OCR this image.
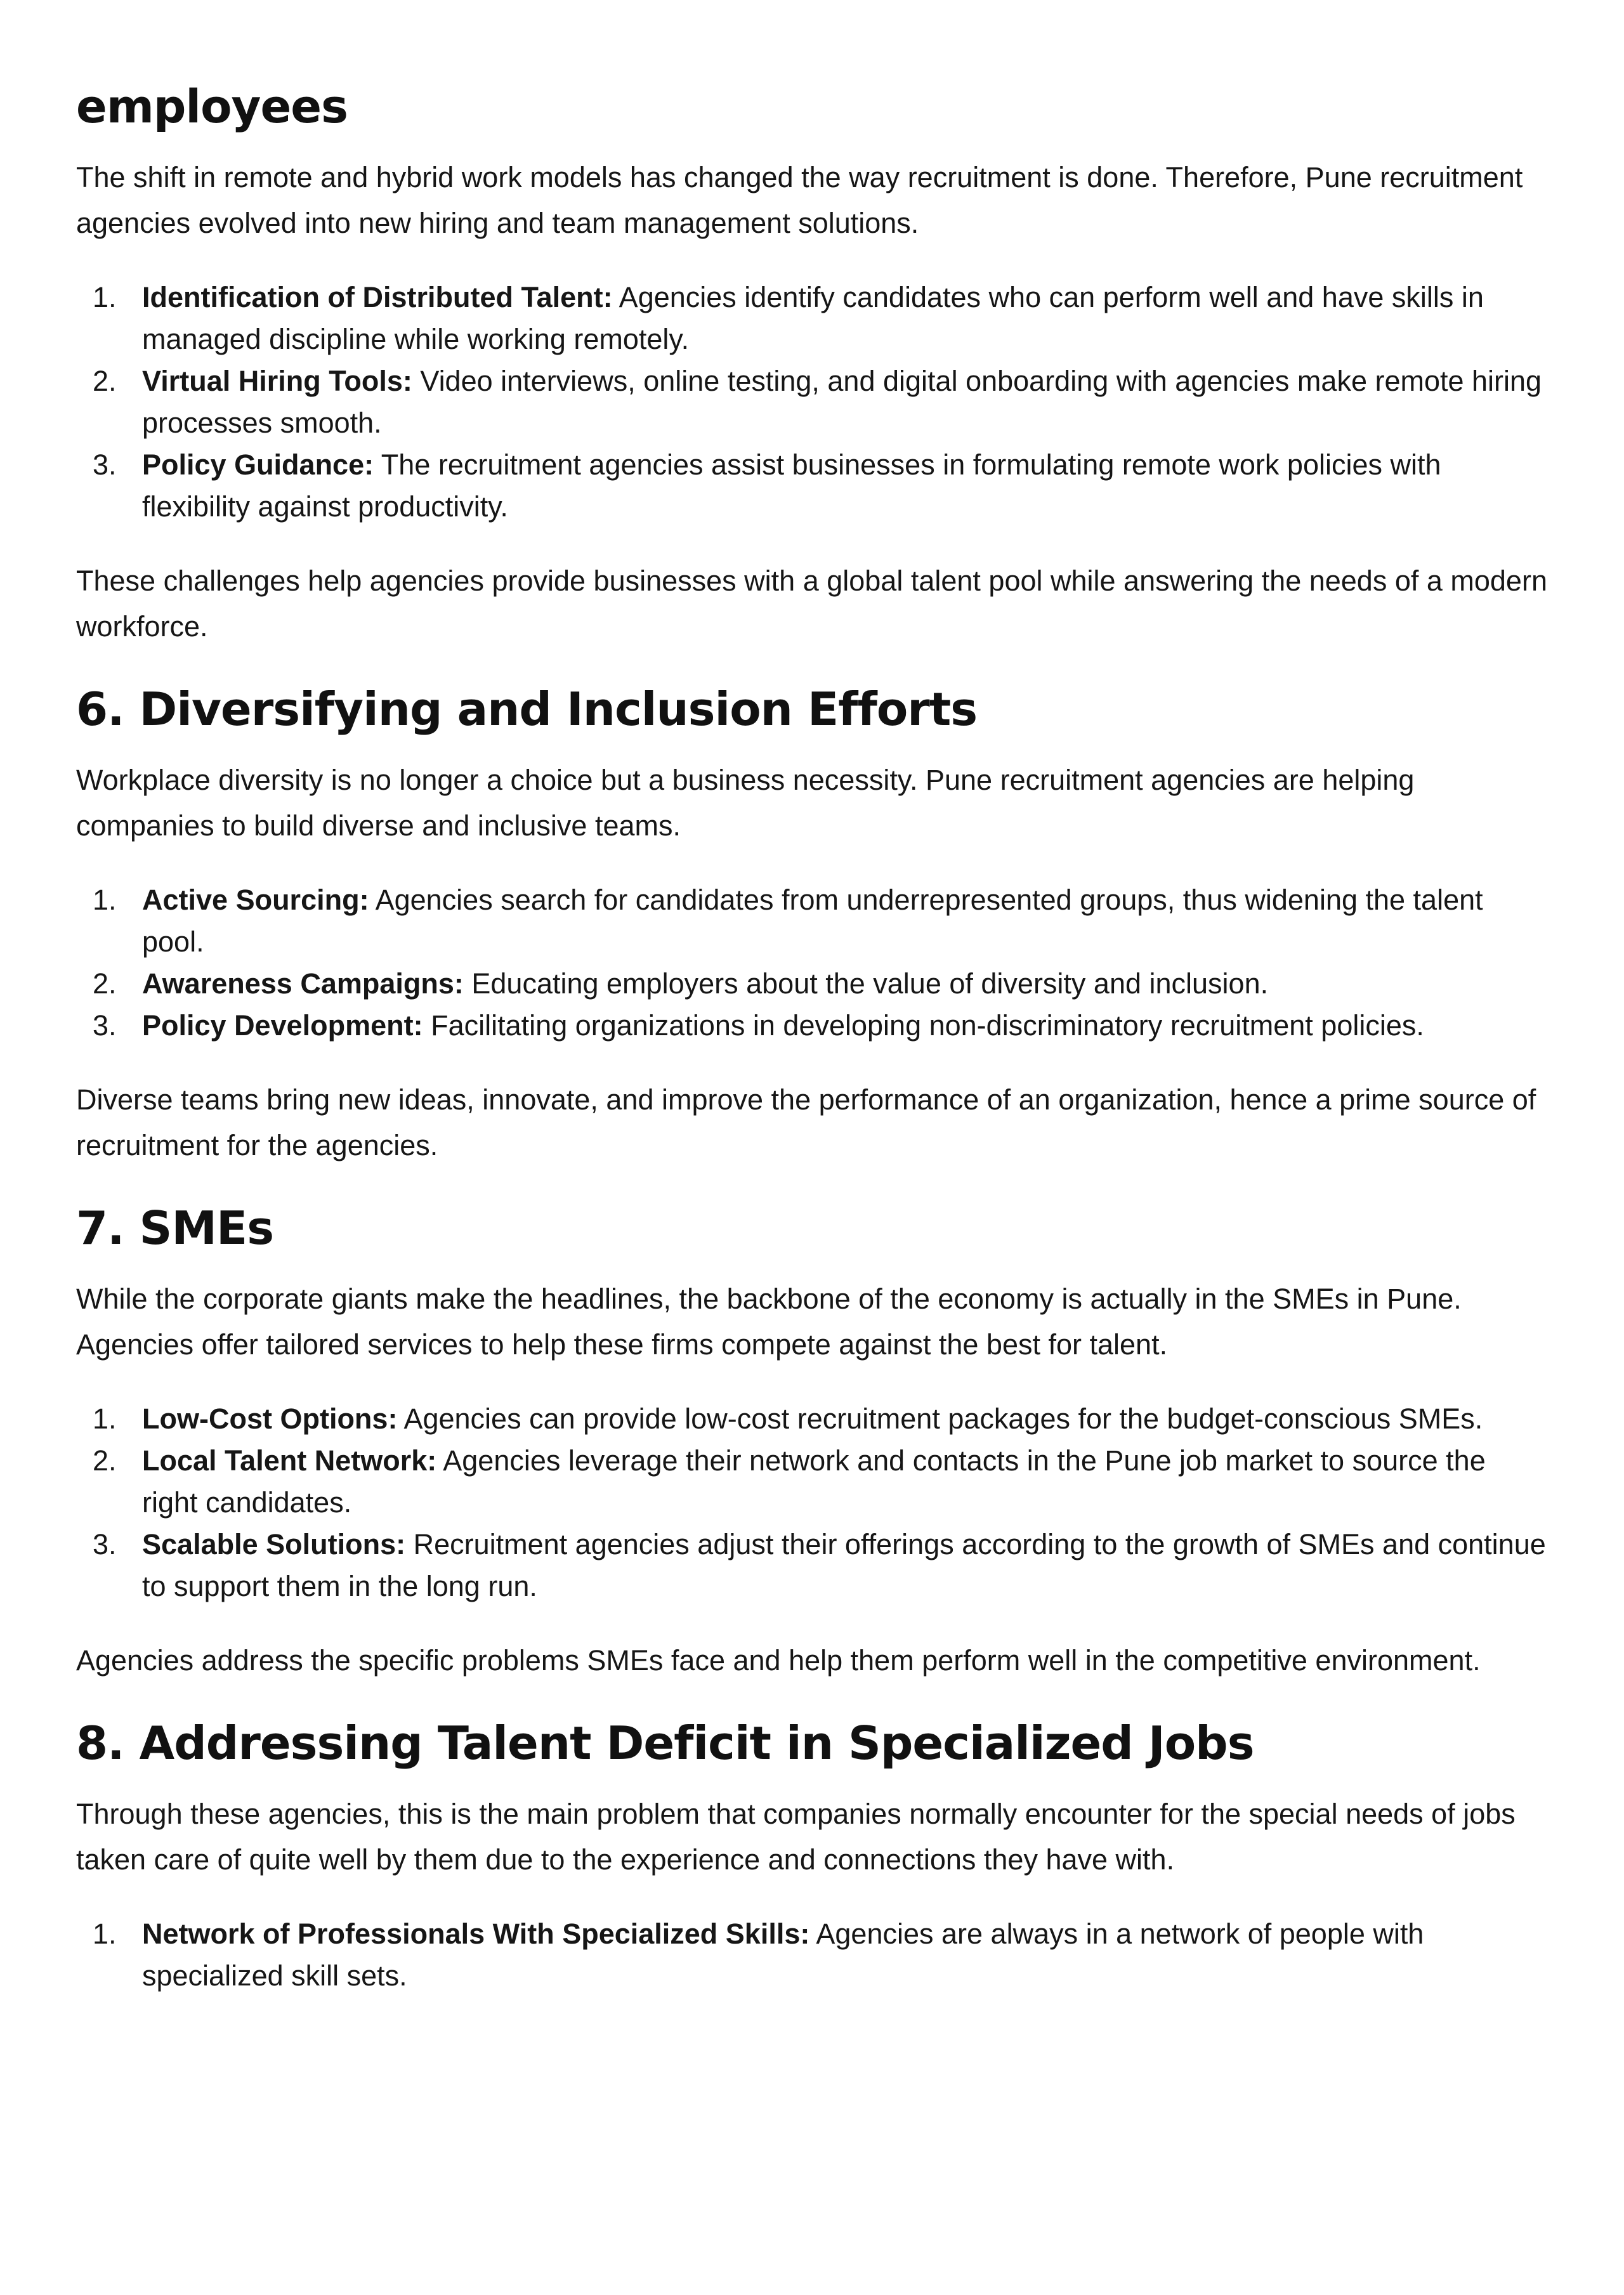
employees

The shift in remote and hybrid work models has changed the way recruitment is done. Therefore, Pune recruitment agencies evolved into new hiring and team management solutions.

1. Identification of Distributed Talent: Agencies identify candidates who can perform well and have skills in managed discipline while working remotely.
2. Virtual Hiring Tools: Video interviews, online testing, and digital onboarding with agencies make remote hiring processes smooth.
3. Policy Guidance: The recruitment agencies assist businesses in formulating remote work policies with flexibility against productivity.

These challenges help agencies provide businesses with a global talent pool while answering the needs of a modern workforce.

6. Diversifying and Inclusion Efforts

Workplace diversity is no longer a choice but a business necessity. Pune recruitment agencies are helping companies to build diverse and inclusive teams.

1. Active Sourcing: Agencies search for candidates from underrepresented groups, thus widening the talent pool.
2. Awareness Campaigns: Educating employers about the value of diversity and inclusion.
3. Policy Development: Facilitating organizations in developing non-discriminatory recruitment policies.

Diverse teams bring new ideas, innovate, and improve the performance of an organization, hence a prime source of recruitment for the agencies.

7. SMEs

While the corporate giants make the headlines, the backbone of the economy is actually in the SMEs in Pune. Agencies offer tailored services to help these firms compete against the best for talent.

1. Low-Cost Options: Agencies can provide low-cost recruitment packages for the budget-conscious SMEs.
2. Local Talent Network: Agencies leverage their network and contacts in the Pune job market to source the right candidates.
3. Scalable Solutions: Recruitment agencies adjust their offerings according to the growth of SMEs and continue to support them in the long run.

Agencies address the specific problems SMEs face and help them perform well in the competitive environment.

8. Addressing Talent Deficit in Specialized Jobs

Through these agencies, this is the main problem that companies normally encounter for the special needs of jobs taken care of quite well by them due to the experience and connections they have with.

1. Network of Professionals With Specialized Skills: Agencies are always in a network of people with specialized skill sets.
